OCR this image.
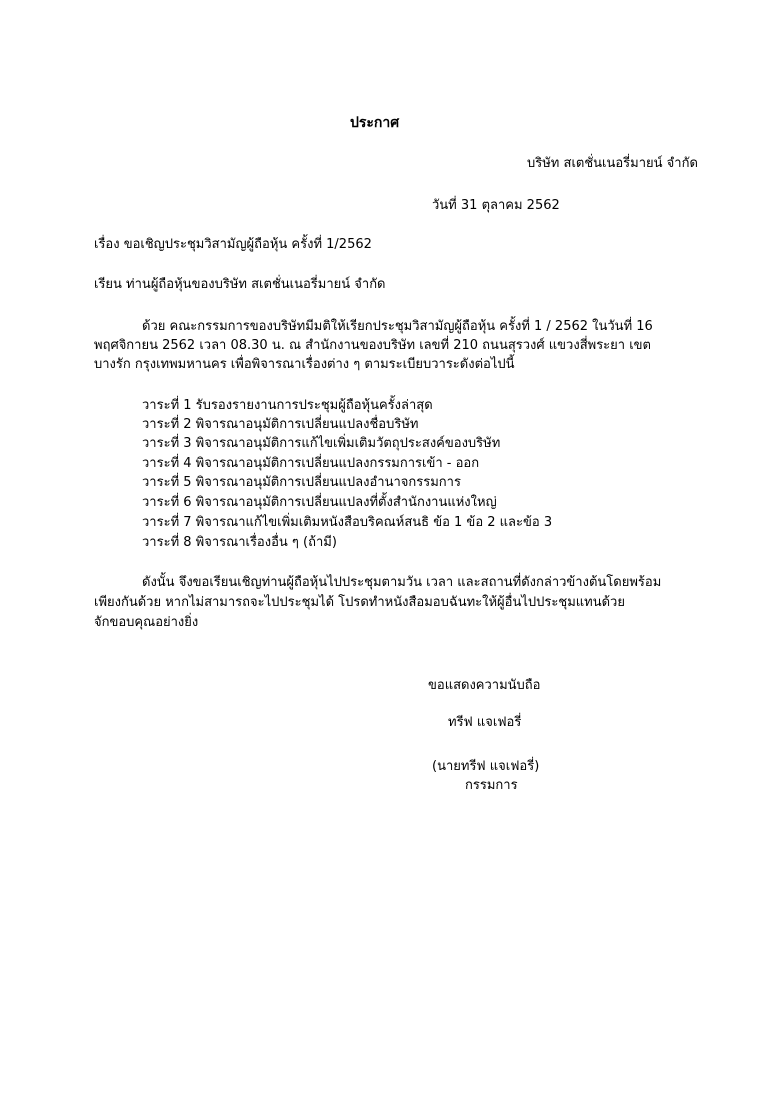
ประกาศ
บริษัท สเตชั่นเนอรี่มายน์ จำกัด
วันที่ 31 ตุลาคม 2562
เรื่อง ขอเชิญประชุมวิสามัญผู้ถือหุ้น ครั้งที่ 1/2562
เรียน ท่านผู้ถือหุ้นของบริษัท สเตชั่นเนอรี่มายน์ จำกัด
ด้วย คณะกรรมการของบริษัทมีมติให้เรียกประชุมวิสามัญผู้ถือหุ้น ครั้งที่ 1 / 2562 ในวันที่ 16
พฤศจิกายน 2562 เวลา 08.30 น. ณ สำนักงานของบริษัท เลขที่ 210 ถนนสุรวงศ์ แขวงสี่พระยา เขต
บางรัก กรุงเทพมหานคร เพื่อพิจารณาเรื่องต่าง ๆ ตามระเบียบวาระดังต่อไปนี้
วาระที่ 1 รับรองรายงานการประชุมผู้ถือหุ้นครั้งล่าสุด
วาระที่ 2 พิจารณาอนุมัติการเปลี่ยนแปลงชื่อบริษัท
วาระที่ 3 พิจารณาอนุมัติการแก้ไขเพิ่มเติมวัตถุประสงค์ของบริษัท
วาระที่ 4 พิจารณาอนุมัติการเปลี่ยนแปลงกรรมการเข้า - ออก
วาระที่ 5 พิจารณาอนุมัติการเปลี่ยนแปลงอำนาจกรรมการ
วาระที่ 6 พิจารณาอนุมัติการเปลี่ยนแปลงที่ตั้งสำนักงานแห่งใหญ่
วาระที่ 7 พิจารณาแก้ไขเพิ่มเติมหนังสือบริคณห์สนธิ ข้อ 1 ข้อ 2 และข้อ 3
วาระที่ 8 พิจารณาเรื่องอื่น ๆ (ถ้ามี)
ดังนั้น จึงขอเรียนเชิญท่านผู้ถือหุ้นไปประชุมตามวัน เวลา และสถานที่ดังกล่าวข้างต้นโดยพร้อม
เพียงกันด้วย หากไม่สามารถจะไปประชุมได้ โปรดทำหนังสือมอบฉันทะให้ผู้อื่นไปประชุมแทนด้วย
จักขอบคุณอย่างยิ่ง
ขอแสดงความนับถือ
ทรีฟ แจเฟอรี่
(นายทรีฟ แจเฟอรี่)
กรรมการ
